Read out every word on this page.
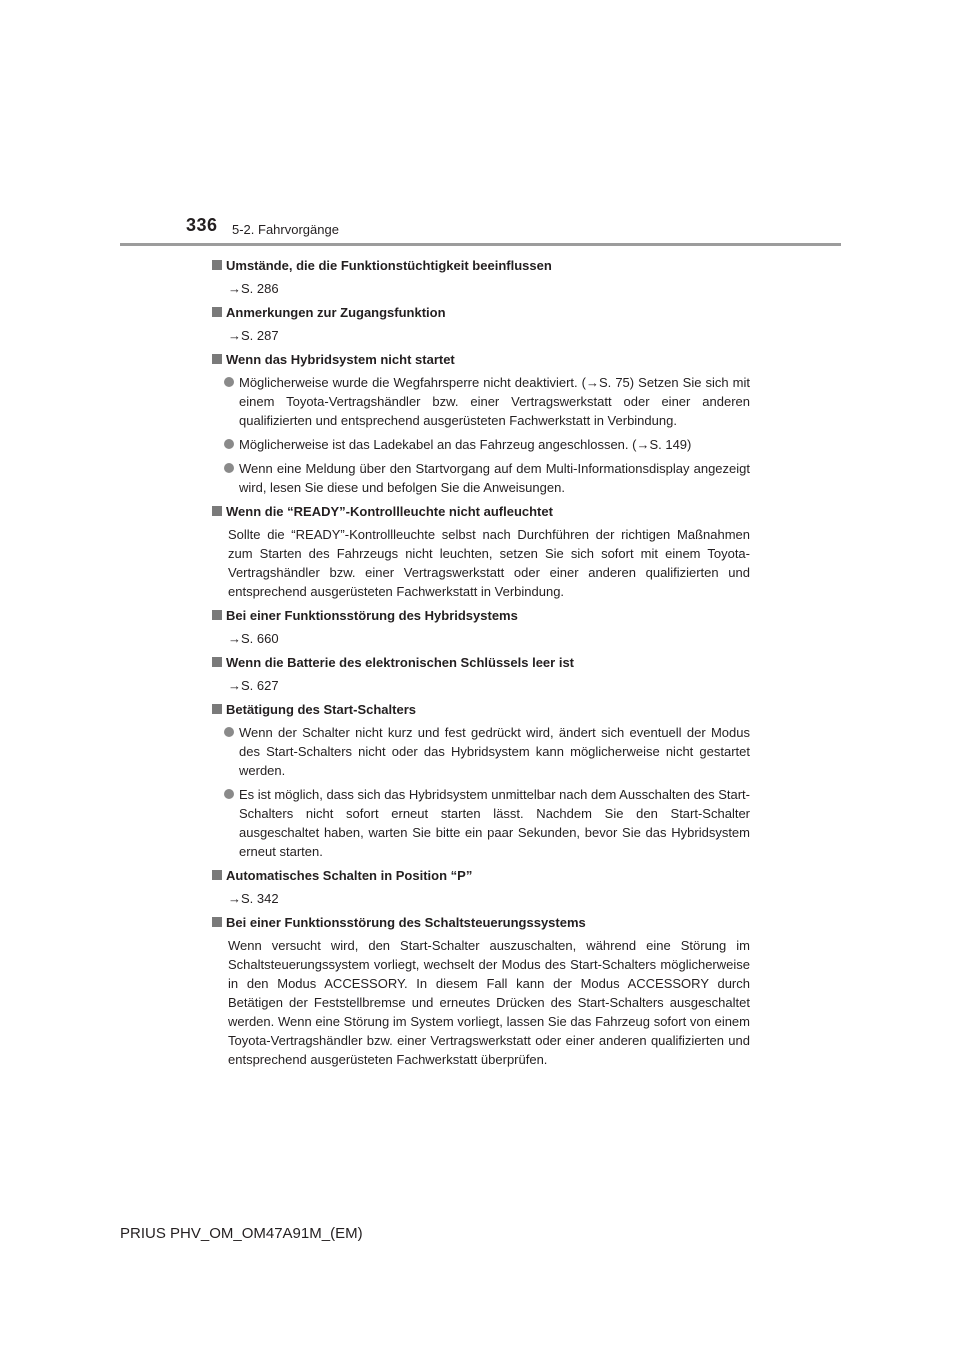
336 5-2. Fahrvorgänge
Umstände, die die Funktionstüchtigkeit beeinflussen
→S. 286
Anmerkungen zur Zugangsfunktion
→S. 287
Wenn das Hybridsystem nicht startet
Möglicherweise wurde die Wegfahrsperre nicht deaktiviert. (→S. 75) Setzen Sie sich mit einem Toyota-Vertragshändler bzw. einer Vertragswerkstatt oder einer anderen qualifizierten und entsprechend ausgerüsteten Fachwerkstatt in Verbindung.
Möglicherweise ist das Ladekabel an das Fahrzeug angeschlossen. (→S. 149)
Wenn eine Meldung über den Startvorgang auf dem Multi-Informationsdisplay angezeigt wird, lesen Sie diese und befolgen Sie die Anweisungen.
Wenn die “READY”-Kontrollleuchte nicht aufleuchtet
Sollte die “READY”-Kontrollleuchte selbst nach Durchführen der richtigen Maßnahmen zum Starten des Fahrzeugs nicht leuchten, setzen Sie sich sofort mit einem Toyota-Vertragshändler bzw. einer Vertragswerkstatt oder einer anderen qualifizierten und entsprechend ausgerüsteten Fachwerkstatt in Verbindung.
Bei einer Funktionsstörung des Hybridsystems
→S. 660
Wenn die Batterie des elektronischen Schlüssels leer ist
→S. 627
Betätigung des Start-Schalters
Wenn der Schalter nicht kurz und fest gedrückt wird, ändert sich eventuell der Modus des Start-Schalters nicht oder das Hybridsystem kann möglicherweise nicht gestartet werden.
Es ist möglich, dass sich das Hybridsystem unmittelbar nach dem Ausschalten des Start-Schalters nicht sofort erneut starten lässt. Nachdem Sie den Start-Schalter ausgeschaltet haben, warten Sie bitte ein paar Sekunden, bevor Sie das Hybridsystem erneut starten.
Automatisches Schalten in Position “P”
→S. 342
Bei einer Funktionsstörung des Schaltsteuerungssystems
Wenn versucht wird, den Start-Schalter auszuschalten, während eine Störung im Schaltsteuerungssystem vorliegt, wechselt der Modus des Start-Schalters möglicherweise in den Modus ACCESSORY. In diesem Fall kann der Modus ACCESSORY durch Betätigen der Feststellbremse und erneutes Drücken des Start-Schalters ausgeschaltet werden. Wenn eine Störung im System vorliegt, lassen Sie das Fahrzeug sofort von einem Toyota-Vertragshändler bzw. einer Vertragswerkstatt oder einer anderen qualifizierten und entsprechend ausgerüsteten Fachwerkstatt überprüfen.
PRIUS PHV_OM_OM47A91M_(EM)
